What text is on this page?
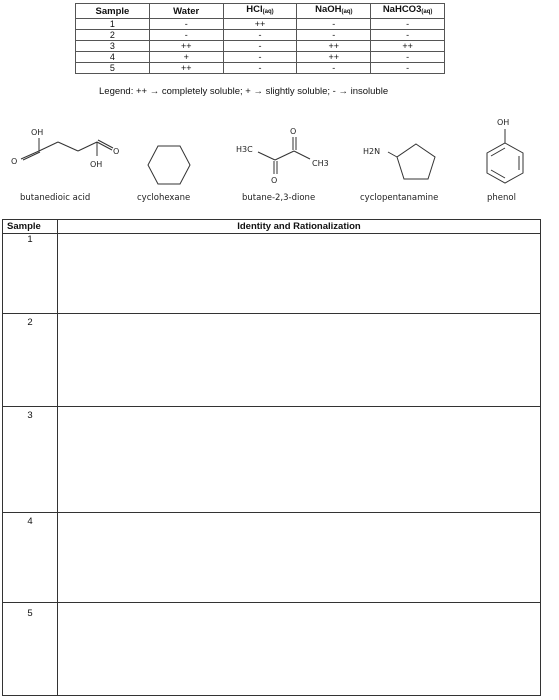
Sample	Water	HCl$_{(aq)}$	NaOH$_{(aq)}$	$NaHCO3_{(aq)}$
1	-	++	-	-
2	-	-	-	-
3	++	-	++	++
4	+	-	++	-
5	++	-	-	-
Legend: ++ → completely soluble; + → slightly soluble; - → insoluble
OH
O
O
OH
butanedioic acid	cyclohexane
H3C
O
O
CH3
butane-2,3-dione
H2N
cyclopentanamine
OH
phenol
Sample	Identity and Rationalization
1
2
3
4
5
